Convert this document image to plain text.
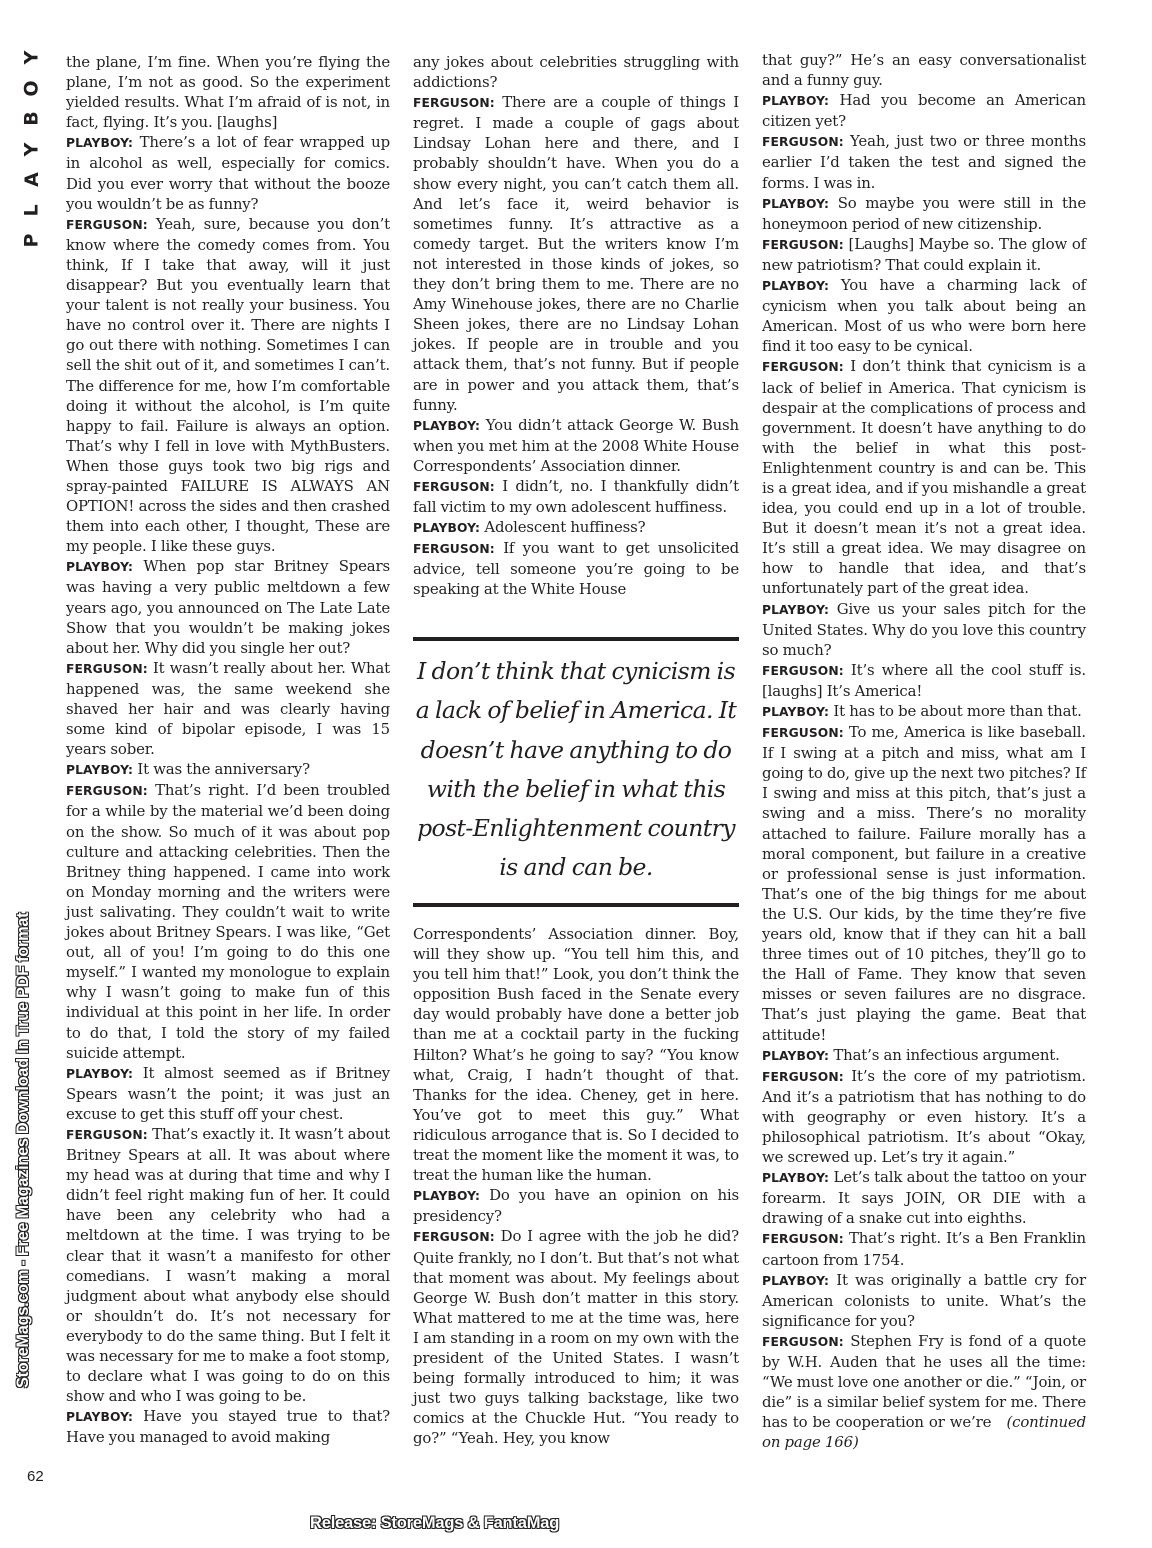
Y
O
B
Y
A
L
P
StoreMags.com - Free Magazines Download In True PDF format

the plane, I’m fine. When you’re flying the plane, I’m not as good. So the experiment yielded results. What I’m afraid of is not, in fact, flying. It’s you. [laughs]

PLAYBOY: There’s a lot of fear wrapped up in alcohol as well, especially for comics. Did you ever worry that without the booze you wouldn’t be as funny?

FERGUSON: Yeah, sure, because you don’t know where the comedy comes from. You think, If I take that away, will it just disappear? But you eventually learn that your talent is not really your business. You have no control over it. There are nights I go out there with nothing. Sometimes I can sell the shit out of it, and sometimes I can’t. The difference for me, how I’m comfortable doing it without the alcohol, is I’m quite happy to fail. Failure is always an option. That’s why I fell in love with MythBusters. When those guys took two big rigs and spray-painted FAILURE IS ALWAYS AN OPTION! across the sides and then crashed them into each other, I thought, These are my people. I like these guys.

PLAYBOY: When pop star Britney Spears was having a very public meltdown a few years ago, you announced on The Late Late Show that you wouldn’t be making jokes about her. Why did you single her out?

FERGUSON: It wasn’t really about her. What happened was, the same weekend she shaved her hair and was clearly having some kind of bipolar episode, I was 15 years sober.

PLAYBOY: It was the anniversary?

FERGUSON: That’s right. I’d been troubled for a while by the material we’d been doing on the show. So much of it was about pop culture and attacking celebrities. Then the Britney thing happened. I came into work on Monday morning and the writers were just salivating. They couldn’t wait to write jokes about Britney Spears. I was like, “Get out, all of you! I’m going to do this one myself.” I wanted my monologue to explain why I wasn’t going to make fun of this individual at this point in her life. In order to do that, I told the story of my failed suicide attempt.

PLAYBOY: It almost seemed as if Britney Spears wasn’t the point; it was just an excuse to get this stuff off your chest.

FERGUSON: That’s exactly it. It wasn’t about Britney Spears at all. It was about where my head was at during that time and why I didn’t feel right making fun of her. It could have been any celebrity who had a meltdown at the time. I was trying to be clear that it wasn’t a manifesto for other comedians. I wasn’t making a moral judgment about what anybody else should or shouldn’t do. It’s not necessary for everybody to do the same thing. But I felt it was necessary for me to make a foot stomp, to declare what I was going to do on this show and who I was going to be.

PLAYBOY: Have you stayed true to that? Have you managed to avoid making

any jokes about celebrities struggling with addictions?

FERGUSON: There are a couple of things I regret. I made a couple of gags about Lindsay Lohan here and there, and I probably shouldn’t have. When you do a show every night, you can’t catch them all. And let’s face it, weird behavior is sometimes funny. It’s attractive as a comedy target. But the writers know I’m not interested in those kinds of jokes, so they don’t bring them to me. There are no Amy Winehouse jokes, there are no Charlie Sheen jokes, there are no Lindsay Lohan jokes. If people are in trouble and you attack them, that’s not funny. But if people are in power and you attack them, that’s funny.

PLAYBOY: You didn’t attack George W. Bush when you met him at the 2008 White House Correspondents’ Association dinner.

FERGUSON: I didn’t, no. I thankfully didn’t fall victim to my own adolescent huffiness.

PLAYBOY: Adolescent huffiness?

FERGUSON: If you want to get unsolicited advice, tell someone you’re going to be speaking at the White House

I don’t think that cynicism is a lack of belief in America. It doesn’t have anything to do with the belief in what this post-Enlightenment country is and can be.

Correspondents’ Association dinner. Boy, will they show up. “You tell him this, and you tell him that!” Look, you don’t think the opposition Bush faced in the Senate every day would probably have done a better job than me at a cocktail party in the fucking Hilton? What’s he going to say? “You know what, Craig, I hadn’t thought of that. Thanks for the idea. Cheney, get in here. You’ve got to meet this guy.” What ridiculous arrogance that is. So I decided to treat the moment like the moment it was, to treat the human like the human.

PLAYBOY: Do you have an opinion on his presidency?

FERGUSON: Do I agree with the job he did? Quite frankly, no I don’t. But that’s not what that moment was about. My feelings about George W. Bush don’t matter in this story. What mattered to me at the time was, here I am standing in a room on my own with the president of the United States. I wasn’t being formally introduced to him; it was just two guys talking backstage, like two comics at the Chuckle Hut. “You ready to go?” “Yeah. Hey, you know

that guy?” He’s an easy conversationalist and a funny guy.

PLAYBOY: Had you become an American citizen yet?

FERGUSON: Yeah, just two or three months earlier I’d taken the test and signed the forms. I was in.

PLAYBOY: So maybe you were still in the honeymoon period of new citizenship.

FERGUSON: [Laughs] Maybe so. The glow of new patriotism? That could explain it.

PLAYBOY: You have a charming lack of cynicism when you talk about being an American. Most of us who were born here find it too easy to be cynical.

FERGUSON: I don’t think that cynicism is a lack of belief in America. That cynicism is despair at the complications of process and government. It doesn’t have anything to do with the belief in what this post-Enlightenment country is and can be. This is a great idea, and if you mishandle a great idea, you could end up in a lot of trouble. But it doesn’t mean it’s not a great idea. It’s still a great idea. We may disagree on how to handle that idea, and that’s unfortunately part of the great idea.

PLAYBOY: Give us your sales pitch for the United States. Why do you love this country so much?

FERGUSON: It’s where all the cool stuff is. [laughs] It’s America!

PLAYBOY: It has to be about more than that.

FERGUSON: To me, America is like baseball. If I swing at a pitch and miss, what am I going to do, give up the next two pitches? If I swing and miss at this pitch, that’s just a swing and a miss. There’s no morality attached to failure. Failure morally has a moral component, but failure in a creative or professional sense is just information. That’s one of the big things for me about the U.S. Our kids, by the time they’re five years old, know that if they can hit a ball three times out of 10 pitches, they’ll go to the Hall of Fame. They know that seven misses or seven failures are no disgrace. That’s just playing the game. Beat that attitude!

PLAYBOY: That’s an infectious argument.

FERGUSON: It’s the core of my patriotism. And it’s a patriotism that has nothing to do with geography or even history. It’s a philosophical patriotism. It’s about “Okay, we screwed up. Let’s try it again.”

PLAYBOY: Let’s talk about the tattoo on your forearm. It says JOIN, OR DIE with a drawing of a snake cut into eighths.

FERGUSON: That’s right. It’s a Ben Franklin cartoon from 1754.

PLAYBOY: It was originally a battle cry for American colonists to unite. What’s the significance for you?

FERGUSON: Stephen Fry is fond of a quote by W.H. Auden that he uses all the time: “We must love one another or die.” “Join, or die” is a similar belief system for me. There has to be cooperation or we’re (continued on page 166)

62
Release: StoreMags & FantaMag
